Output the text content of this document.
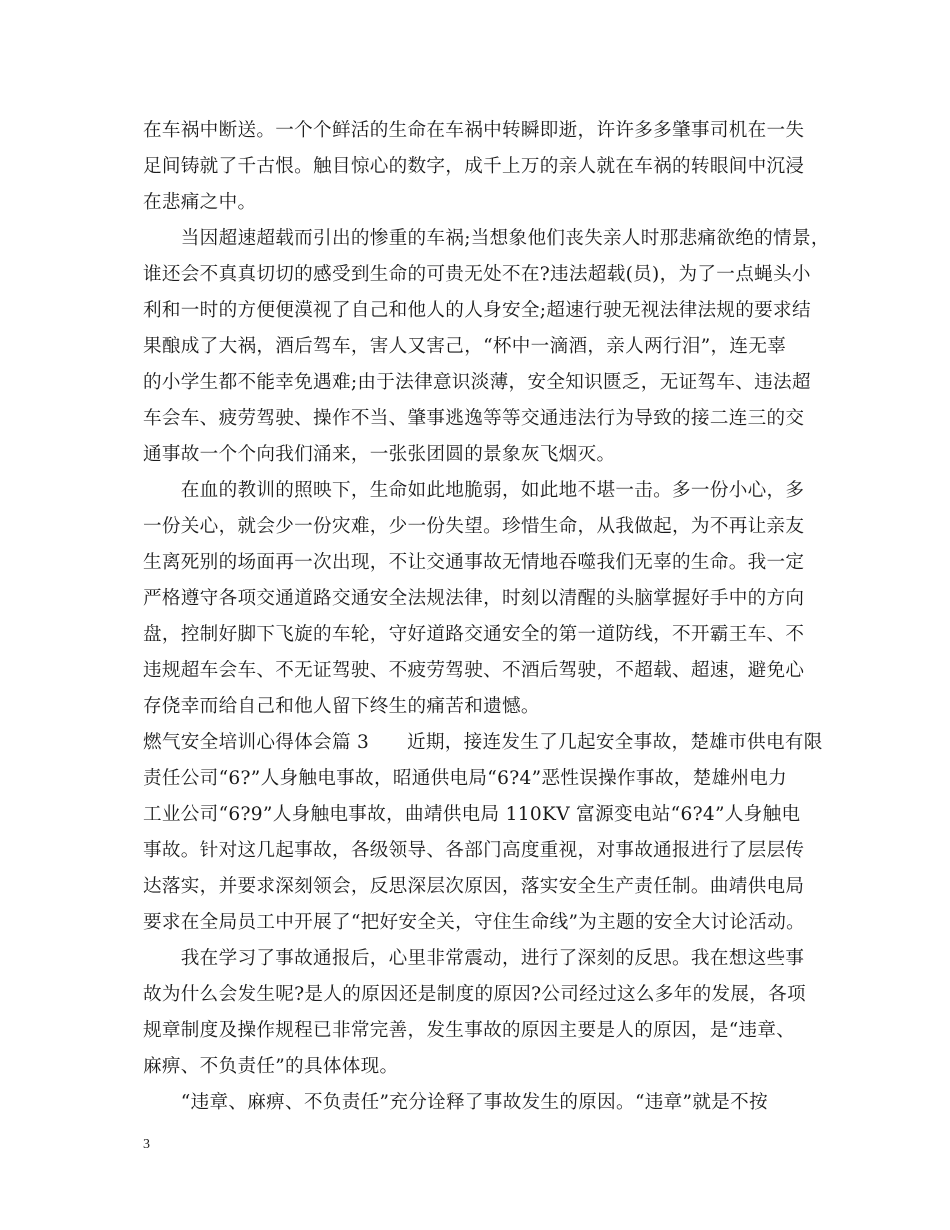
在车祸中断送。一个个鲜活的生命在车祸中转瞬即逝，许许多多肇事司机在一失
足间铸就了千古恨。触目惊心的数字，成千上万的亲人就在车祸的转眼间中沉浸
在悲痛之中。
　　当因超速超载而引出的惨重的车祸;当想象他们丧失亲人时那悲痛欲绝的情景，
谁还会不真真切切的感受到生命的可贵无处不在?违法超载(员)，为了一点蝇头小
利和一时的方便便漠视了自己和他人的人身安全;超速行驶无视法律法规的要求结
果酿成了大祸，酒后驾车，害人又害己，“杯中一滴酒，亲人两行泪”，连无辜
的小学生都不能幸免遇难;由于法律意识淡薄，安全知识匮乏，无证驾车、违法超
车会车、疲劳驾驶、操作不当、肇事逃逸等等交通违法行为导致的接二连三的交
通事故一个个向我们涌来，一张张团圆的景象灰飞烟灭。
　　在血的教训的照映下，生命如此地脆弱，如此地不堪一击。多一份小心，多
一份关心，就会少一份灾难，少一份失望。珍惜生命，从我做起，为不再让亲友
生离死别的场面再一次出现，不让交通事故无情地吞噬我们无辜的生命。我一定
严格遵守各项交通道路交通安全法规法律，时刻以清醒的头脑掌握好手中的方向
盘，控制好脚下飞旋的车轮，守好道路交通安全的第一道防线，不开霸王车、不
违规超车会车、不无证驾驶、不疲劳驾驶、不酒后驾驶，不超载、超速，避免心
存侥幸而给自己和他人留下终生的痛苦和遗憾。
燃气安全培训心得体会篇 3　　近期，接连发生了几起安全事故，楚雄市供电有限
责任公司“6?”人身触电事故，昭通供电局“6?4”恶性误操作事故，楚雄州电力
工业公司“6?9”人身触电事故，曲靖供电局 110KV 富源变电站“6?4”人身触电
事故。针对这几起事故，各级领导、各部门高度重视，对事故通报进行了层层传
达落实，并要求深刻领会，反思深层次原因，落实安全生产责任制。曲靖供电局
要求在全局员工中开展了“把好安全关，守住生命线”为主题的安全大讨论活动。
　　我在学习了事故通报后，心里非常震动，进行了深刻的反思。我在想这些事
故为什么会发生呢?是人的原因还是制度的原因?公司经过这么多年的发展，各项
规章制度及操作规程已非常完善，发生事故的原因主要是人的原因，是“违章、
麻痹、不负责任”的具体体现。
　　“违章、麻痹、不负责任”充分诠释了事故发生的原因。“违章”就是不按
3
